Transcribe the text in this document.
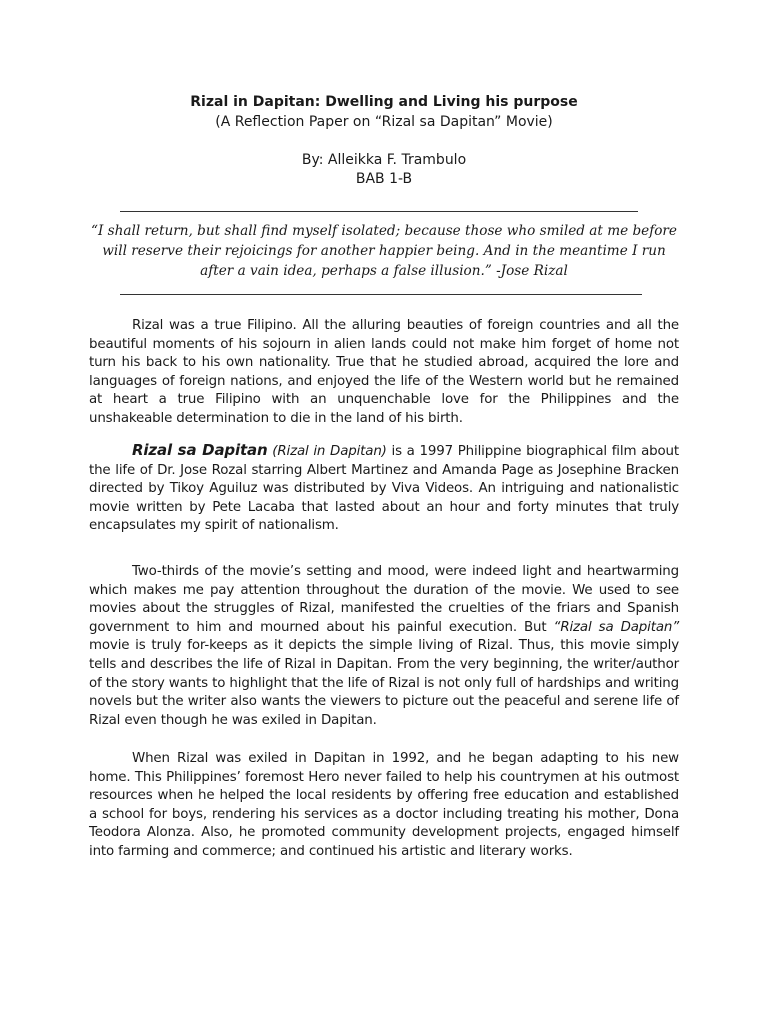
Rizal in Dapitan: Dwelling and Living his purpose
(A Reflection Paper on “Rizal sa Dapitan” Movie)
By: Alleikka F. Trambulo
BAB 1-B
“I shall return, but shall find myself isolated; because those who smiled at me before will reserve their rejoicings for another happier being. And in the meantime I run after a vain idea, perhaps a false illusion.” -Jose Rizal

Rizal was a true Filipino. All the alluring beauties of foreign countries and all the beautiful moments of his sojourn in alien lands could not make him forget of home not turn his back to his own nationality. True that he studied abroad, acquired the lore and languages of foreign nations, and enjoyed the life of the Western world but he remained at heart a true Filipino with an unquenchable love for the Philippines and the unshakeable determination to die in the land of his birth.

Rizal sa Dapitan (Rizal in Dapitan) is a 1997 Philippine biographical film about the life of Dr. Jose Rozal starring Albert Martinez and Amanda Page as Josephine Bracken directed by Tikoy Aguiluz was distributed by Viva Videos. An intriguing and nationalistic movie written by Pete Lacaba that lasted about an hour and forty minutes that truly encapsulates my spirit of nationalism.

Two-thirds of the movie’s setting and mood, were indeed light and heartwarming which makes me pay attention throughout the duration of the movie. We used to see movies about the struggles of Rizal, manifested the cruelties of the friars and Spanish government to him and mourned about his painful execution. But “Rizal sa Dapitan” movie is truly for-keeps as it depicts the simple living of Rizal. Thus, this movie simply tells and describes the life of Rizal in Dapitan. From the very beginning, the writer/author of the story wants to highlight that the life of Rizal is not only full of hardships and writing novels but the writer also wants the viewers to picture out the peaceful and serene life of Rizal even though he was exiled in Dapitan.

When Rizal was exiled in Dapitan in 1992, and he began adapting to his new home. This Philippines’ foremost Hero never failed to help his countrymen at his outmost resources when he helped the local residents by offering free education and established a school for boys, rendering his services as a doctor including treating his mother, Dona Teodora Alonza. Also, he promoted community development projects, engaged himself into farming and commerce; and continued his artistic and literary works.
